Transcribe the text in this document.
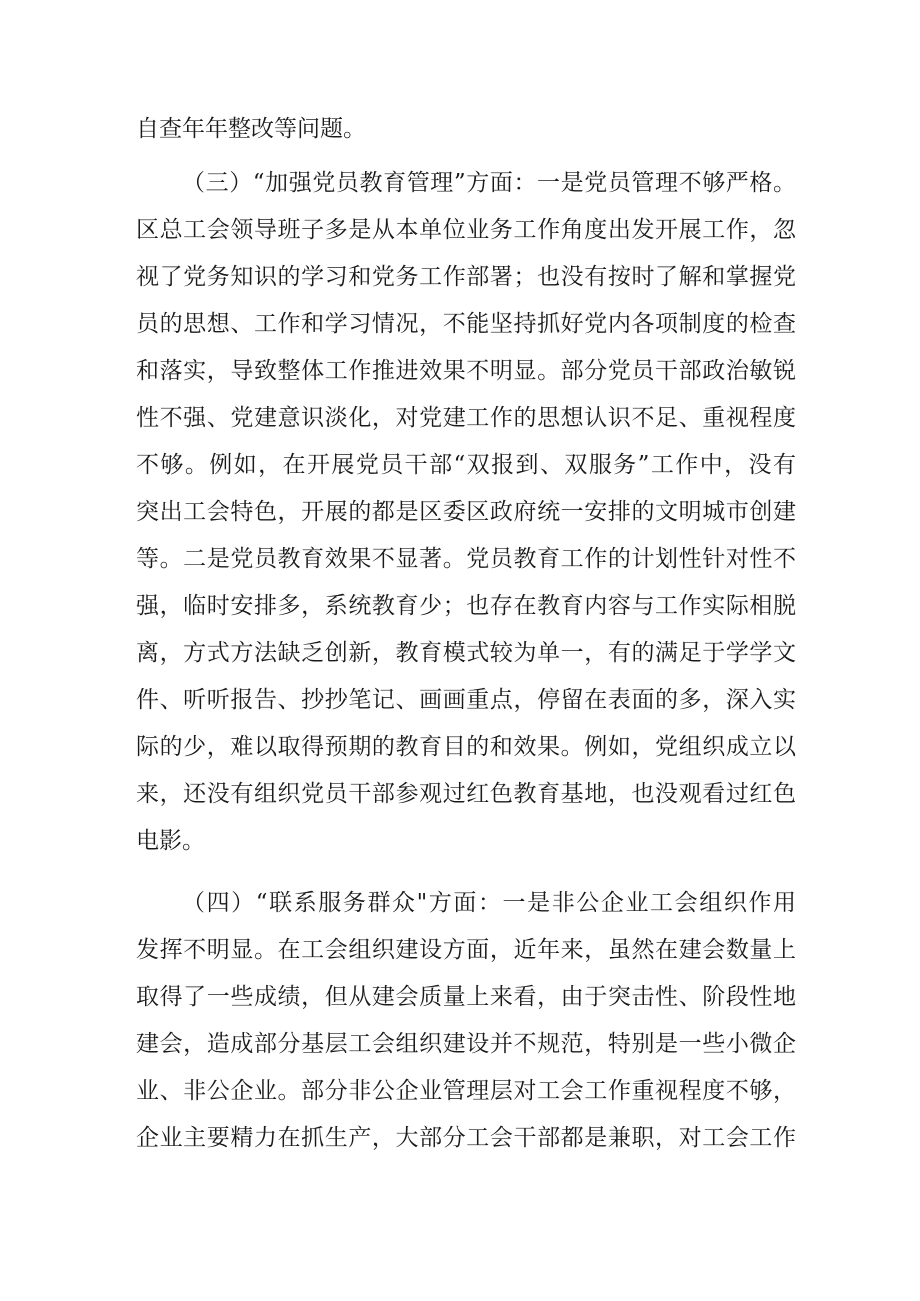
自查年年整改等问题。
（三）“加强党员教育管理”方面：一是党员管理不够严格。
区总工会领导班子多是从本单位业务工作角度出发开展工作，忽
视了党务知识的学习和党务工作部署；也没有按时了解和掌握党
员的思想、工作和学习情况，不能坚持抓好党内各项制度的检查
和落实，导致整体工作推进效果不明显。部分党员干部政治敏锐
性不强、党建意识淡化，对党建工作的思想认识不足、重视程度
不够。例如，在开展党员干部“双报到、双服务”工作中，没有
突出工会特色，开展的都是区委区政府统一安排的文明城市创建
等。二是党员教育效果不显著。党员教育工作的计划性针对性不
强，临时安排多，系统教育少；也存在教育内容与工作实际相脱
离，方式方法缺乏创新，教育模式较为单一，有的满足于学学文
件、听听报告、抄抄笔记、画画重点，停留在表面的多，深入实
际的少，难以取得预期的教育目的和效果。例如，党组织成立以
来，还没有组织党员干部参观过红色教育基地，也没观看过红色
电影。
（四）“联系服务群众"方面：一是非公企业工会组织作用
发挥不明显。在工会组织建设方面，近年来，虽然在建会数量上
取得了一些成绩，但从建会质量上来看，由于突击性、阶段性地
建会，造成部分基层工会组织建设并不规范，特别是一些小微企
业、非公企业。部分非公企业管理层对工会工作重视程度不够，
企业主要精力在抓生产，大部分工会干部都是兼职，对工会工作
